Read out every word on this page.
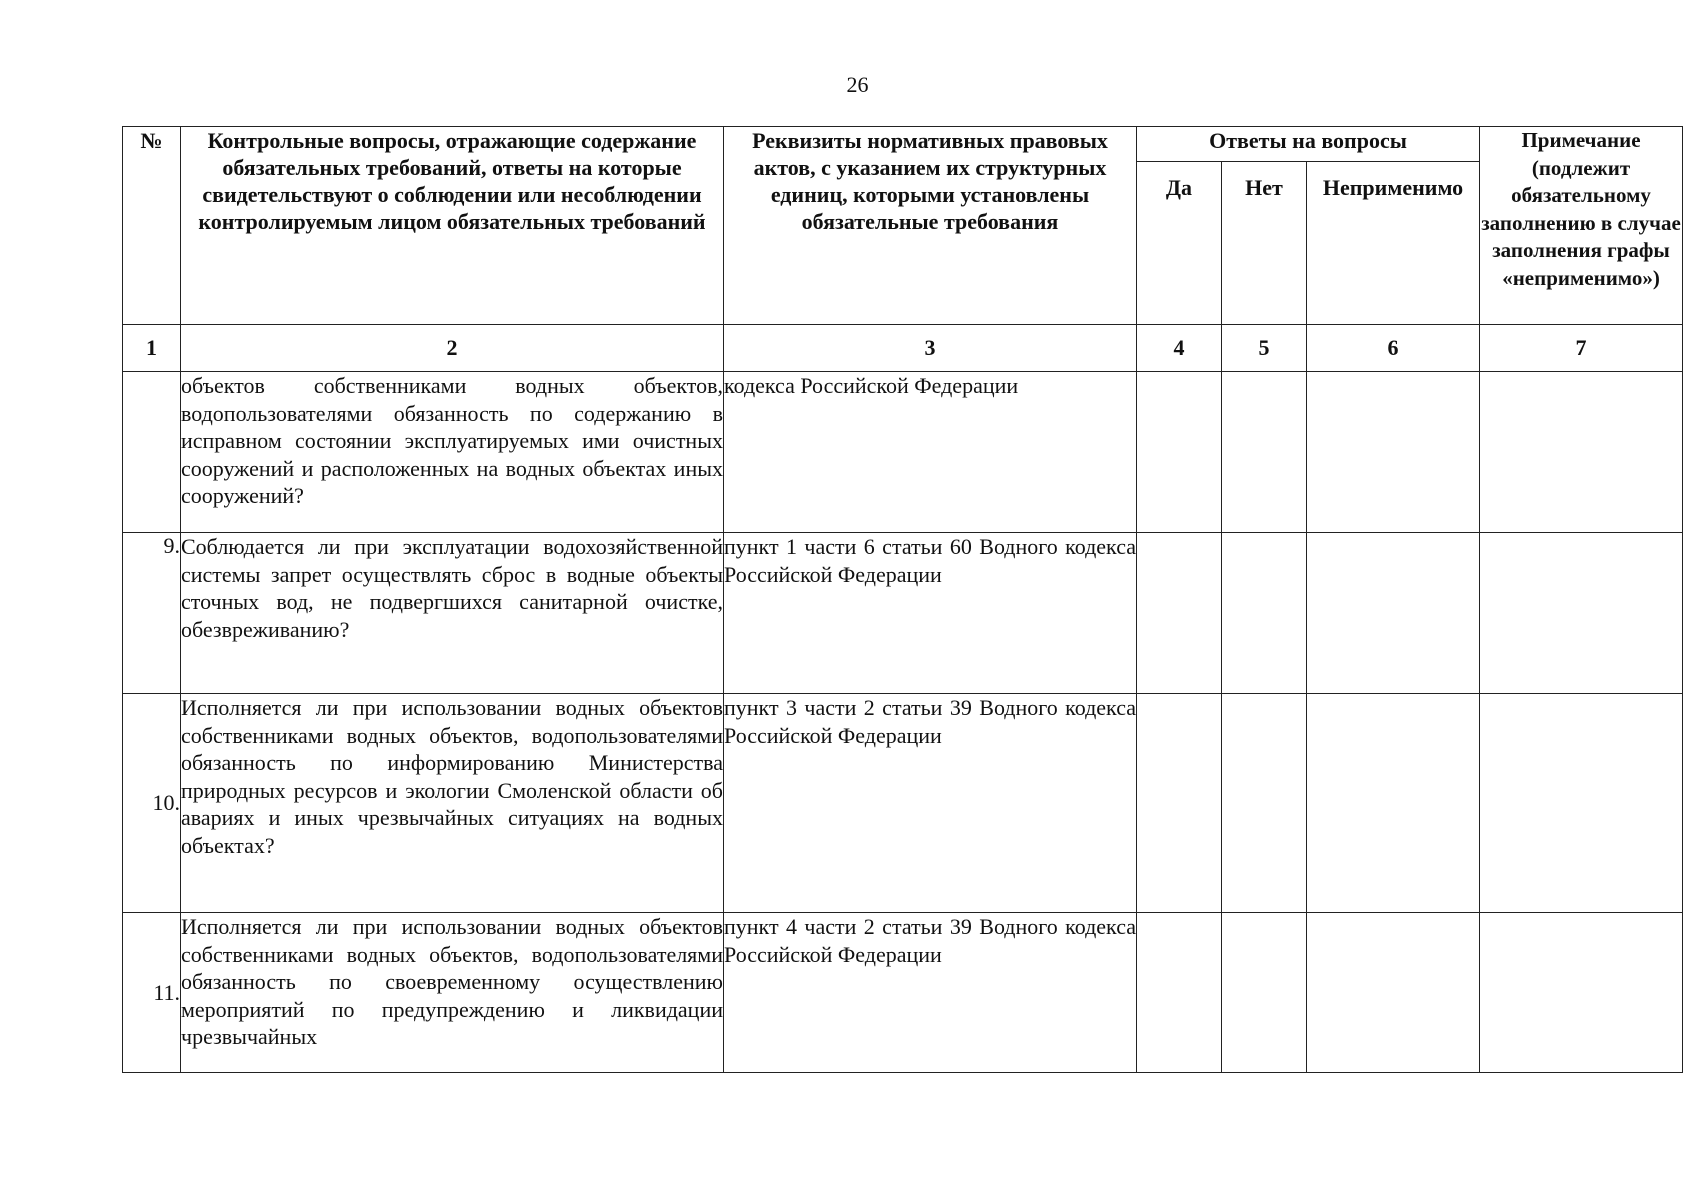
26
№	Контрольные вопросы, отражающие содержание обязательных требований, ответы на которые свидетельствуют о соблюдении или несоблюдении контролируемым лицом обязательных требований	Реквизиты нормативных правовых актов, с указанием их структурных единиц, которыми установлены обязательные требования	Ответы на вопросы			Примечание (подлежит обязательному заполнению в случае заполнения графы «неприменимо»)
			Да	Нет	Неприменимо	
1	2	3	4	5	6	7
	объектов собственниками водных объектов, водопользователями обязанность по содержанию в исправном состоянии эксплуатируемых ими очистных сооружений и расположенных на водных объектах иных сооружений?	кодекса Российской Федерации				
9.	Соблюдается ли при эксплуатации водохозяйственной системы запрет осуществлять сброс в водные объекты сточных вод, не подвергшихся санитарной очистке, обезвреживанию?	пункт 1 части 6 статьи 60 Водного кодекса Российской Федерации				
10.	Исполняется ли при использовании водных объектов собственниками водных объектов, водопользователями обязанность по информированию Министерства природных ресурсов и экологии Смоленской области об авариях и иных чрезвычайных ситуациях на водных объектах?	пункт 3 части 2 статьи 39 Водного кодекса Российской Федерации				
11.	Исполняется ли при использовании водных объектов собственниками водных объектов, водопользователями обязанность по своевременному осуществлению мероприятий по предупреждению и ликвидации чрезвычайных	пункт 4 части 2 статьи 39 Водного кодекса Российской Федерации				
